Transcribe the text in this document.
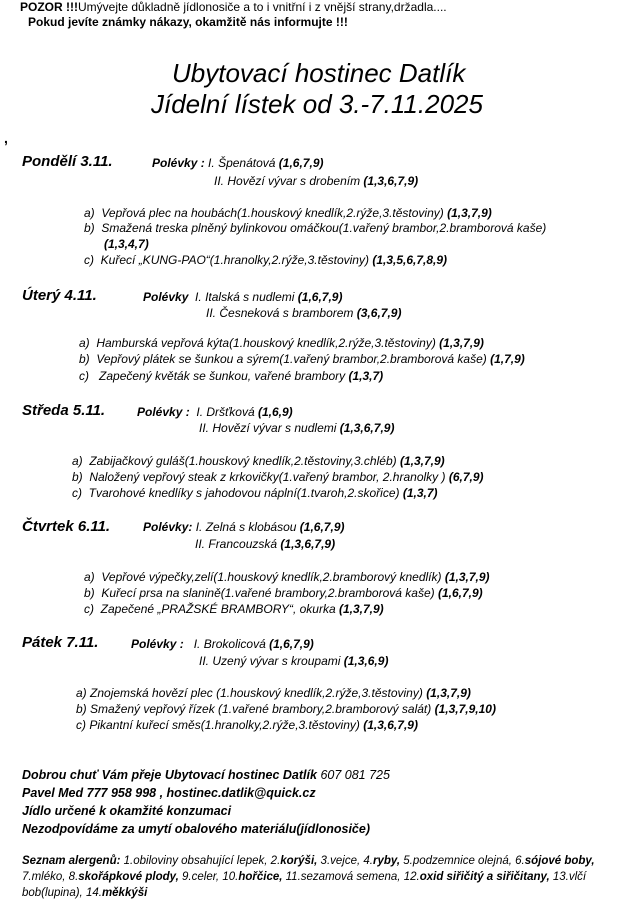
POZOR !!!Umývejte důkladně jídlonosiče a to i vnitřní i z vnější strany,držadla....
Pokud jevíte známky nákazy, okamžitě nás informujte !!!
Ubytovací hostinec Datlík
Jídelní lístek od 3.-7.11.2025
,
Pondělí 3.11.	Polévky : I. Špenátová (1,6,7,9)
II. Hovězí vývar s drobením (1,3,6,7,9)
a) Vepřová plec na houbách(1.houskový knedlík,2.rýže,3.těstoviny) (1,3,7,9)
b) Smažená treska plněný bylinkovou omáčkou(1.vařený brambor,2.bramborová kaše)
(1,3,4,7)
c) Kuřecí „KUNG-PAO“(1.hranolky,2.rýže,3.těstoviny) (1,3,5,6,7,8,9)
Úterý 4.11.	Polévky I. Italská s nudlemi (1,6,7,9)
II. Česneková s bramborem (3,6,7,9)
a) Hamburská vepřová kýta(1.houskový knedlík,2.rýže,3.těstoviny) (1,3,7,9)
b) Vepřový plátek se šunkou a sýrem(1.vařený brambor,2.bramborová kaše) (1,7,9)
c) Zapečený květák se šunkou, vařené brambory (1,3,7)
Středa 5.11.	Polévky : I. Dršťková (1,6,9)
II. Hovězí vývar s nudlemi (1,3,6,7,9)
a) Zabijačkový guláš(1.houskový knedlík,2.těstoviny,3.chléb) (1,3,7,9)
b) Naložený vepřový steak z krkovičky(1.vařený brambor, 2.hranolky ) (6,7,9)
c) Tvarohové knedlíky s jahodovou náplní(1.tvaroh,2.skořice) (1,3,7)
Čtvrtek 6.11.	Polévky: I. Zelná s klobásou (1,6,7,9)
II. Francouzská (1,3,6,7,9)
a) Vepřové výpečky,zelí(1.houskový knedlík,2.bramborový knedlík) (1,3,7,9)
b) Kuřecí prsa na slanině(1.vařené brambory,2.bramborová kaše) (1,6,7,9)
c) Zapečené „PRAŽSKÉ BRAMBORY“, okurka (1,3,7,9)
Pátek 7.11.	Polévky : I. Brokolicová (1,6,7,9)
II. Uzený vývar s kroupami (1,3,6,9)
a) Znojemská hovězí plec (1.houskový knedlík,2.rýže,3.těstoviny) (1,3,7,9)
b) Smažený vepřový řízek (1.vařené brambory,2.bramborový salát) (1,3,7,9,10)
c) Pikantní kuřecí směs(1.hranolky,2.rýže,3.těstoviny) (1,3,6,7,9)
Dobrou chuť Vám přeje Ubytovací hostinec Datlík 607 081 725
Pavel Med 777 958 998 , hostinec.datlik@quick.cz
Jídlo určené k okamžité konzumaci
Nezodpovídáme za umytí obalového materiálu(jídlonosiče)
Seznam alergenů: 1.obiloviny obsahující lepek, 2.korýši, 3.vejce, 4.ryby, 5.podzemnice olejná, 6.sójové boby, 7.mléko, 8.skořápkové plody, 9.celer, 10.hořčice, 11.sezamová semena, 12.oxid siřičitý a siřičitany, 13.vlčí bob(lupina), 14.měkkýši
